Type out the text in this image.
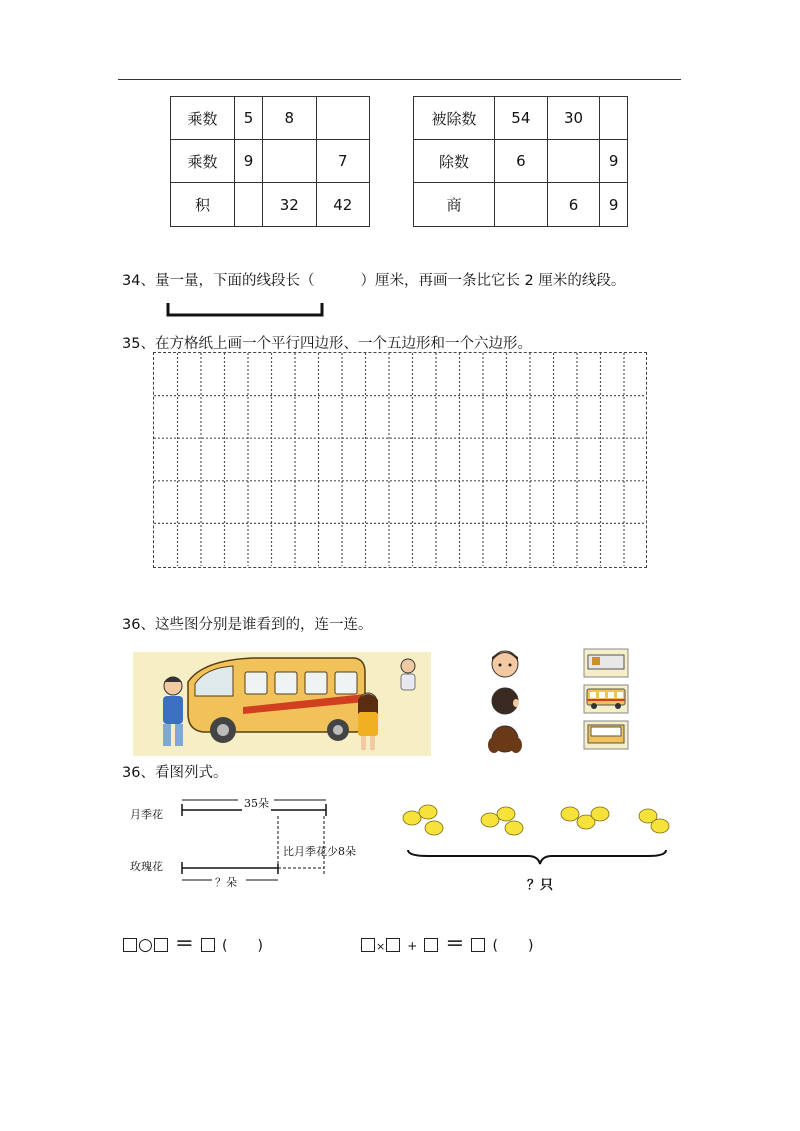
乘数	5	8	
乘数	9		7
积		32	42
被除数	54	30	
除数	6		9
商		6	9
34、量一量，下面的线段长（	）厘米，再画一条比它长 2 厘米的线段。
35、在方格纸上画一个平行四边形、一个五边形和一个六边形。
36、这些图分别是谁看到的，连一连。
36、看图列式。
月季花
玫瑰花
35朵
比月季花少8朵
？朵	？只
○ ＝ ( )	× + ＝ ( )
